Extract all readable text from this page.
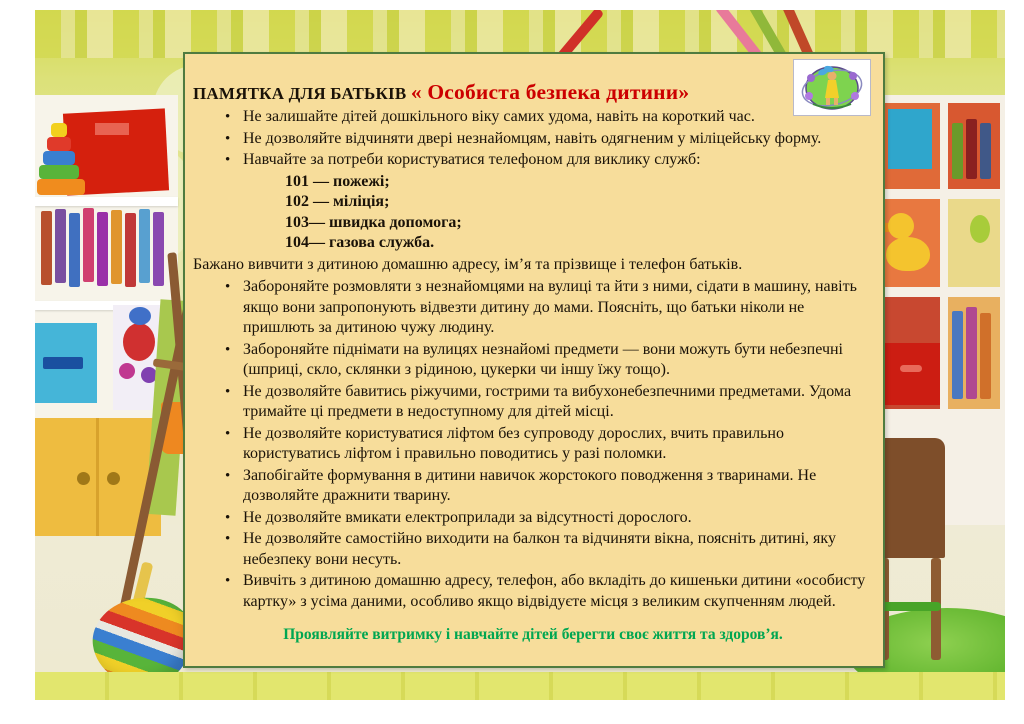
ПАМЯТКА ДЛЯ БАТЬКІВ « Особиста безпека дитини»
• Не залишайте дітей дошкільного віку самих удома, навіть на короткий час.
• Не дозволяйте відчиняти двері незнайомцям, навіть одягненим у міліцейську форму.
• Навчайте за потреби користуватися телефоном для виклику служб:
101 — пожежі;
102 — міліція;
103— швидка допомога;
104— газова служба.
Бажано вивчити з дитиною домашню адресу, ім’я та прізвище і телефон батьків.
• Забороняйте розмовляти з незнайомцями на вулиці та йти з ними, сідати в машину, навіть якщо вони запропонують відвезти дитину до мами. Поясніть, що батьки ніколи не пришлють за дитиною чужу людину.
• Забороняйте піднімати на вулицях незнайомі предмети — вони можуть бути небезпечні (шприці, скло, склянки з рідиною, цукерки чи іншу їжу тощо).
• Не дозволяйте бавитись ріжучими, гострими та вибухонебезпечними предметами. Удома тримайте ці предмети в недоступному для дітей місці.
• Не дозволяйте користуватися ліфтом без супроводу дорослих, вчить правильно користуватись ліфтом і правильно поводитись у разі поломки.
• Запобігайте формування в дитини навичок жорстокого поводження з тваринами. Не дозволяйте дражнити тварину.
• Не дозволяйте вмикати електроприлади за відсутності дорослого.
• Не дозволяйте самостійно виходити на балкон та відчиняти вікна, поясніть дитині, яку небезпеку вони несуть.
• Вивчіть з дитиною домашню адресу, телефон, або вкладіть до кишеньки дитини «особисту картку» з усіма даними, особливо якщо відвідуєте місця з великим скупченням людей.
Проявляйте витримку і навчайте дітей берегти своє життя та здоров’я.
